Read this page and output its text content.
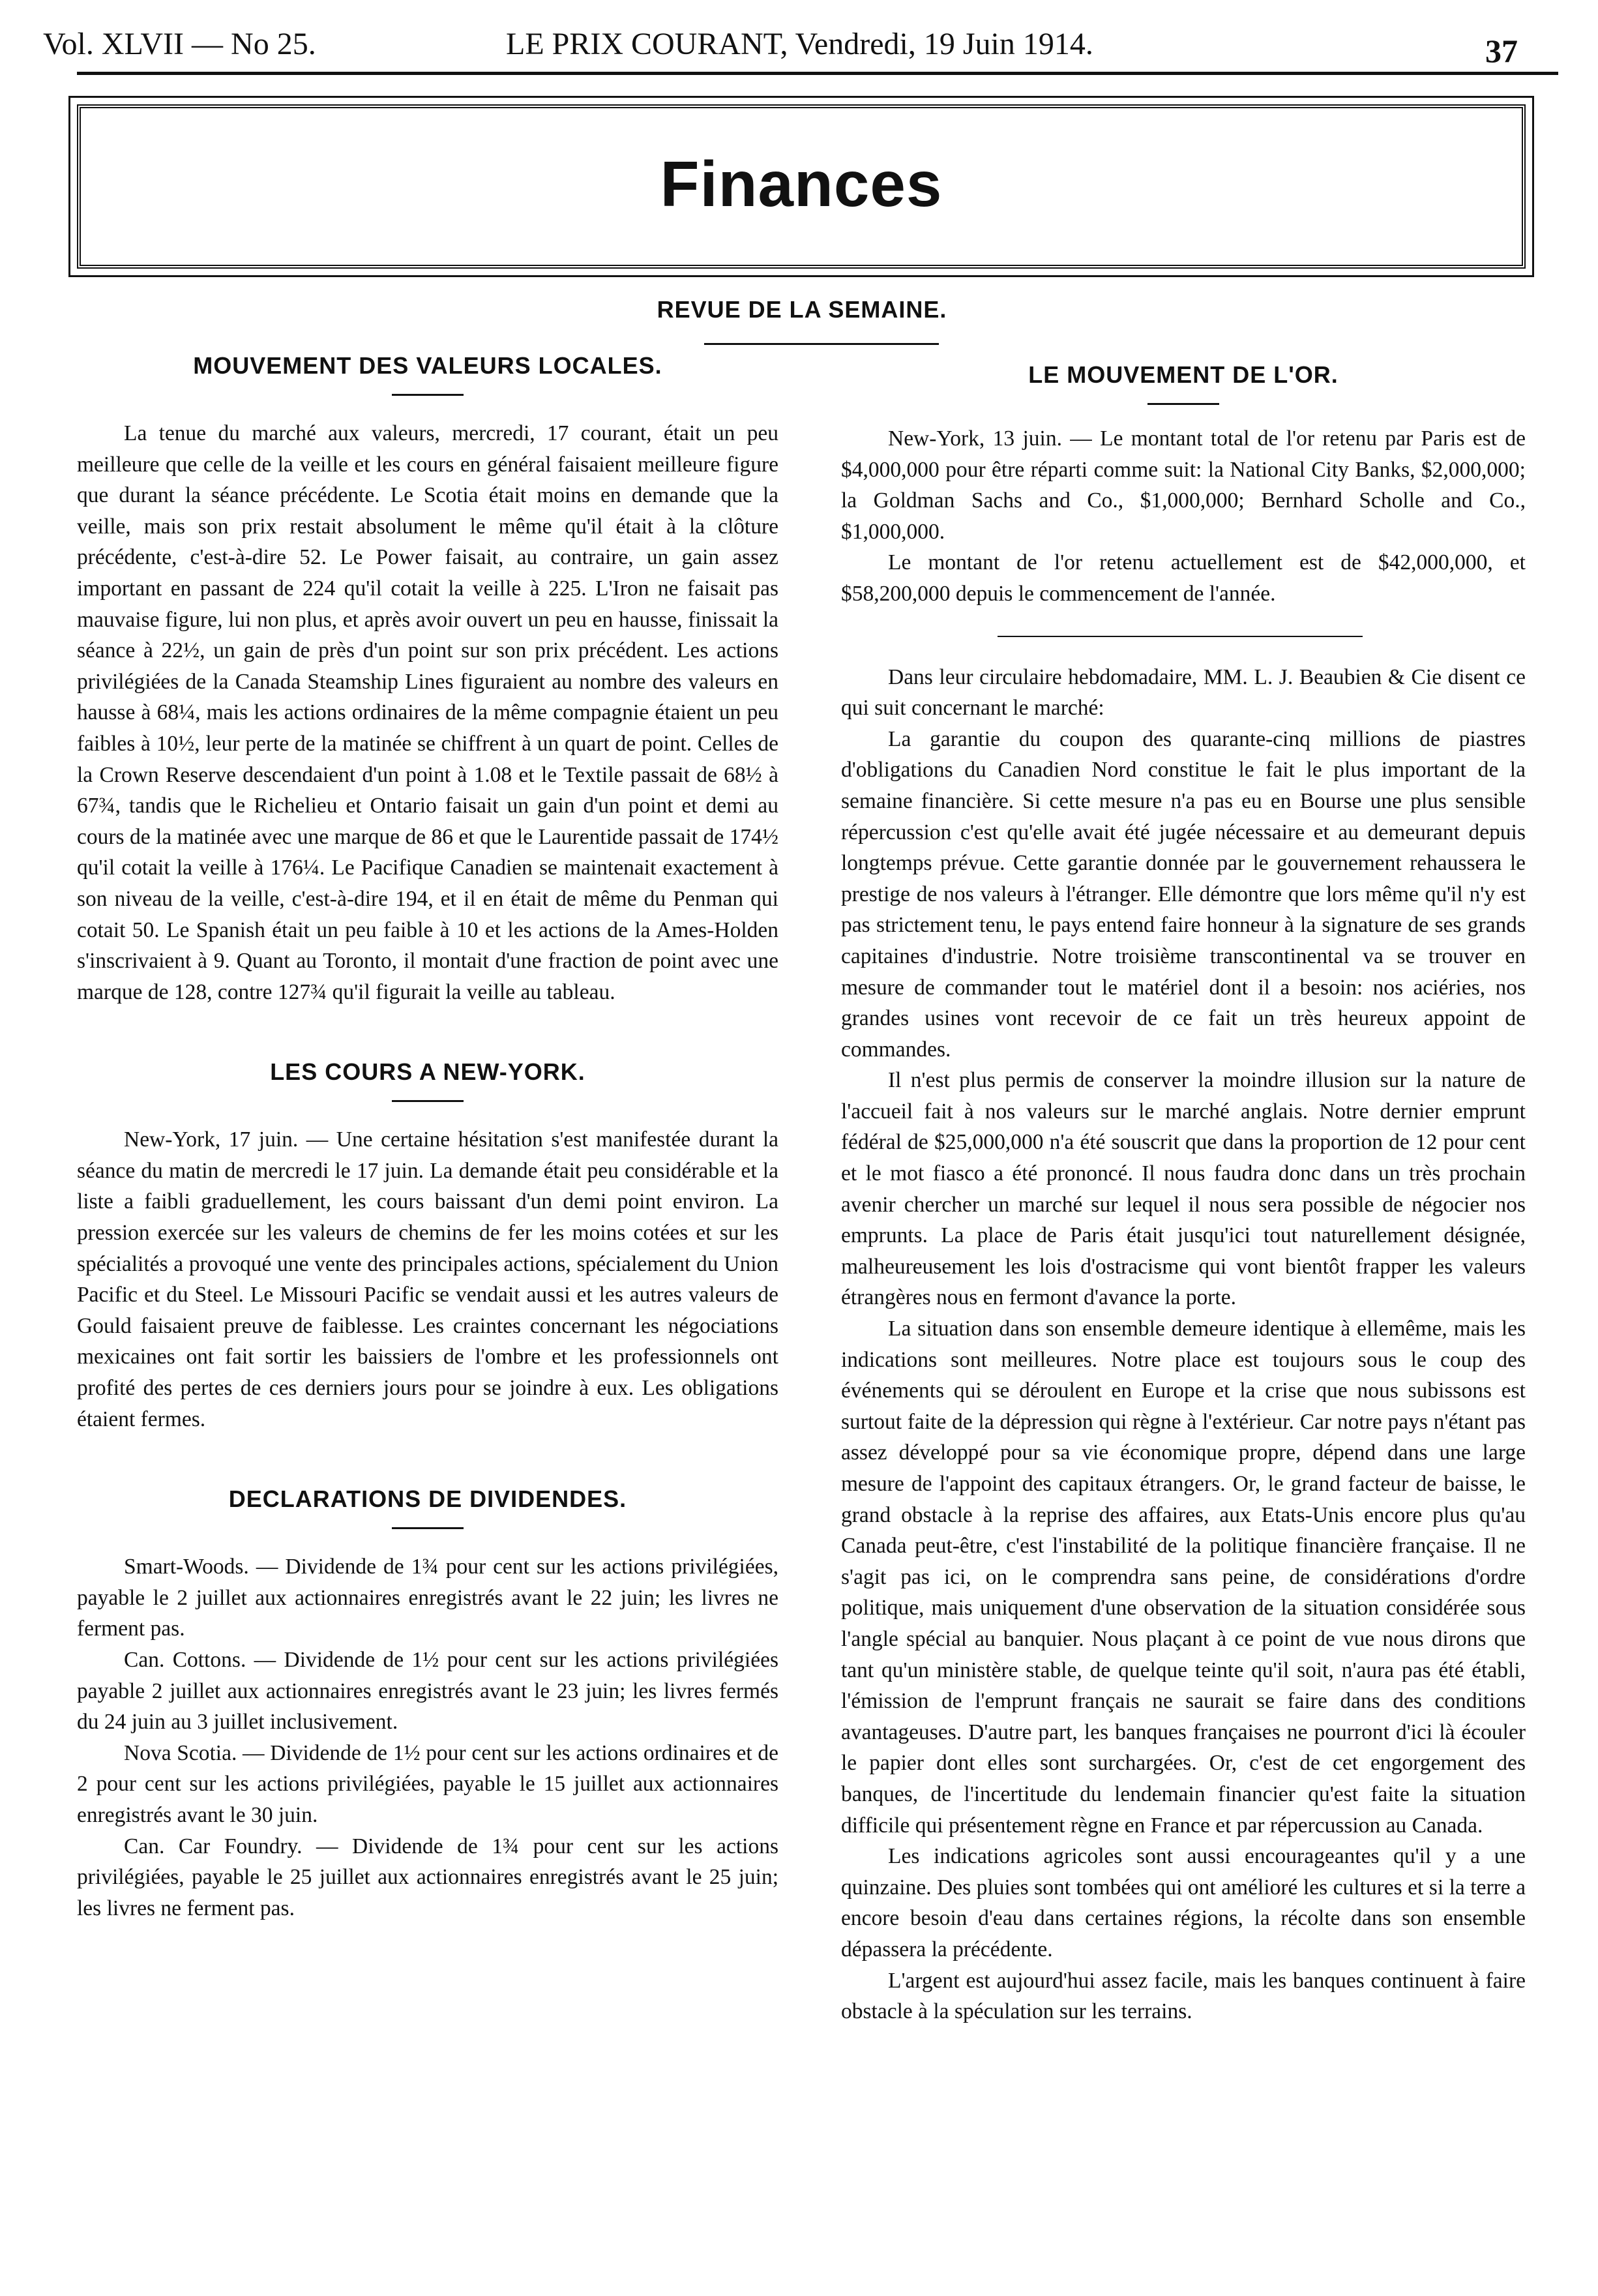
Vol. XLVII — No 25.	LE PRIX COURANT, Vendredi, 19 Juin 1914.	37
Finances
REVUE DE LA SEMAINE.
MOUVEMENT DES VALEURS LOCALES.

La tenue du marché aux valeurs, mercredi, 17 courant, était un peu meilleure que celle de la veille et les cours en général faisaient meilleure figure que durant la séance précédente. Le Scotia était moins en demande que la veille, mais son prix restait absolument le même qu'il était à la clôture précédente, c'est-à-dire 52. Le Power faisait, au contraire, un gain assez important en passant de 224 qu'il cotait la veille à 225. L'Iron ne faisait pas mauvaise figure, lui non plus, et après avoir ouvert un peu en hausse, finissait la séance à 22½, un gain de près d'un point sur son prix précédent. Les actions privilégiées de la Canada Steamship Lines figuraient au nombre des valeurs en hausse à 68¼, mais les actions ordinaires de la même compagnie étaient un peu faibles à 10½, leur perte de la matinée se chiffrent à un quart de point. Celles de la Crown Reserve descendaient d'un point à 1.08 et le Textile passait de 68½ à 67¾, tandis que le Richelieu et Ontario faisait un gain d'un point et demi au cours de la matinée avec une marque de 86 et que le Laurentide passait de 174½ qu'il cotait la veille à 176¼. Le Pacifique Canadien se maintenait exactement à son niveau de la veille, c'est-à-dire 194, et il en était de même du Penman qui cotait 50. Le Spanish était un peu faible à 10 et les actions de la Ames-Holden s'inscrivaient à 9. Quant au Toronto, il montait d'une fraction de point avec une marque de 128, contre 127¾ qu'il figurait la veille au tableau.

LES COURS A NEW-YORK.

New-York, 17 juin. — Une certaine hésitation s'est manifestée durant la séance du matin de mercredi le 17 juin. La demande était peu considérable et la liste a faibli graduellement, les cours baissant d'un demi point environ. La pression exercée sur les valeurs de chemins de fer les moins cotées et sur les spécialités a provoqué une vente des principales actions, spécialement du Union Pacific et du Steel. Le Missouri Pacific se vendait aussi et les autres valeurs de Gould faisaient preuve de faiblesse. Les craintes concernant les négociations mexicaines ont fait sortir les baissiers de l'ombre et les professionnels ont profité des pertes de ces derniers jours pour se joindre à eux. Les obligations étaient fermes.

DECLARATIONS DE DIVIDENDES.

Smart-Woods. — Dividende de 1¾ pour cent sur les actions privilégiées, payable le 2 juillet aux actionnaires enregistrés avant le 22 juin; les livres ne ferment pas.

Can. Cottons. — Dividende de 1½ pour cent sur les actions privilégiées payable 2 juillet aux actionnaires enregistrés avant le 23 juin; les livres fermés du 24 juin au 3 juillet inclusivement.

Nova Scotia. — Dividende de 1½ pour cent sur les actions ordinaires et de 2 pour cent sur les actions privilégiées, payable le 15 juillet aux actionnaires enregistrés avant le 30 juin.

Can. Car Foundry. — Dividende de 1¾ pour cent sur les actions privilégiées, payable le 25 juillet aux actionnaires enregistrés avant le 25 juin; les livres ne ferment pas.

LE MOUVEMENT DE L'OR.

New-York, 13 juin. — Le montant total de l'or retenu par Paris est de $4,000,000 pour être réparti comme suit: la National City Banks, $2,000,000; la Goldman Sachs and Co., $1,000,000; Bernhard Scholle and Co., $1,000,000.

Le montant de l'or retenu actuellement est de $42,000,000, et $58,200,000 depuis le commencement de l'année.

Dans leur circulaire hebdomadaire, MM. L. J. Beaubien & Cie disent ce qui suit concernant le marché:

La garantie du coupon des quarante-cinq millions de piastres d'obligations du Canadien Nord constitue le fait le plus important de la semaine financière. Si cette mesure n'a pas eu en Bourse une plus sensible répercussion c'est qu'elle avait été jugée nécessaire et au demeurant depuis longtemps prévue. Cette garantie donnée par le gouvernement rehaussera le prestige de nos valeurs à l'étranger. Elle démontre que lors même qu'il n'y est pas strictement tenu, le pays entend faire honneur à la signature de ses grands capitaines d'industrie. Notre troisième transcontinental va se trouver en mesure de commander tout le matériel dont il a besoin: nos aciéries, nos grandes usines vont recevoir de ce fait un très heureux appoint de commandes.

Il n'est plus permis de conserver la moindre illusion sur la nature de l'accueil fait à nos valeurs sur le marché anglais. Notre dernier emprunt fédéral de $25,000,000 n'a été souscrit que dans la proportion de 12 pour cent et le mot fiasco a été prononcé. Il nous faudra donc dans un très prochain avenir chercher un marché sur lequel il nous sera possible de négocier nos emprunts. La place de Paris était jusqu'ici tout naturellement désignée, malheureusement les lois d'ostracisme qui vont bientôt frapper les valeurs étrangères nous en fermont d'avance la porte.

La situation dans son ensemble demeure identique à ellemême, mais les indications sont meilleures. Notre place est toujours sous le coup des événements qui se déroulent en Europe et la crise que nous subissons est surtout faite de la dépression qui règne à l'extérieur. Car notre pays n'étant pas assez développé pour sa vie économique propre, dépend dans une large mesure de l'appoint des capitaux étrangers. Or, le grand facteur de baisse, le grand obstacle à la reprise des affaires, aux Etats-Unis encore plus qu'au Canada peut-être, c'est l'instabilité de la politique financière française. Il ne s'agit pas ici, on le comprendra sans peine, de considérations d'ordre politique, mais uniquement d'une observation de la situation considérée sous l'angle spécial au banquier. Nous plaçant à ce point de vue nous dirons que tant qu'un ministère stable, de quelque teinte qu'il soit, n'aura pas été établi, l'émission de l'emprunt français ne saurait se faire dans des conditions avantageuses. D'autre part, les banques françaises ne pourront d'ici là écouler le papier dont elles sont surchargées. Or, c'est de cet engorgement des banques, de l'incertitude du lendemain financier qu'est faite la situation difficile qui présentement règne en France et par répercussion au Canada.

Les indications agricoles sont aussi encourageantes qu'il y a une quinzaine. Des pluies sont tombées qui ont amélioré les cultures et si la terre a encore besoin d'eau dans certaines régions, la récolte dans son ensemble dépassera la précédente.

L'argent est aujourd'hui assez facile, mais les banques continuent à faire obstacle à la spéculation sur les terrains.
